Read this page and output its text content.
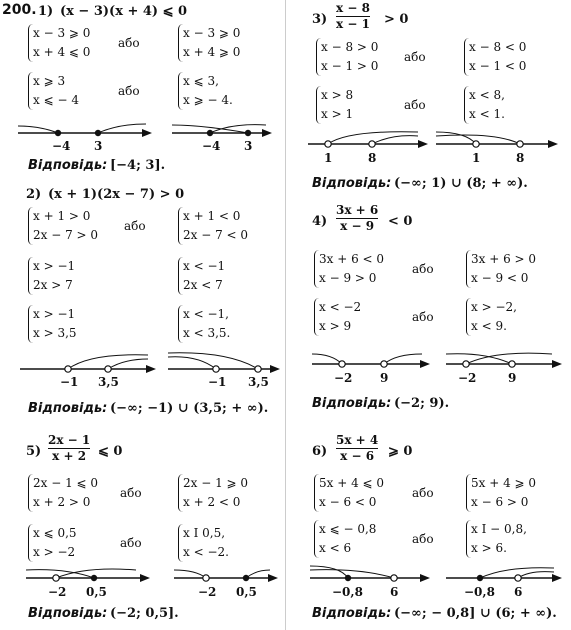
200. 1) (x − 3)(x + 4) ⩽ 0
x − 3 ⩾ 0
x + 4 ⩽ 0
або
x − 3 ⩾ 0
x + 4 ⩾ 0
x ⩾ 3
x ⩽ − 4
або
x ⩽ 3,
x ⩾ − 4.
−4 3	−4 3
Відповідь: [−4; 3].
2) (x + 1)(2x − 7) > 0
x + 1 > 0
2x − 7 > 0
або
x + 1 < 0
2x − 7 < 0
x > −1
2x > 7
x < −1
2x < 7
x > −1
x > 3,5
x < −1,
x < 3,5.
−1 3,5	−1 3,5
Відповідь: (−∞; −1) ∪ (3,5; + ∞).
5)
2x − 1
x + 2 ⩽ 0
2x − 1 ⩽ 0
x + 2 > 0
або
2x − 1 ⩾ 0
x + 2 < 0
x ⩽ 0,5
x > −2
або
x I 0,5,
x < −2.
−2 0,5	−2 0,5
Відповідь: (−2; 0,5].
3)
x − 8
x − 1 > 0
x − 8 > 0
x − 1 > 0
або
x − 8 < 0
x − 1 < 0
x > 8
x > 1
або
x < 8,
x < 1.
1	8	1	8
Відповідь: (−∞; 1) ∪ (8; + ∞).
4)
3x + 6
x − 9	< 0
3x + 6 < 0
x − 9 > 0
або
3x + 6 > 0
x − 9 < 0
x < −2
x > 9
або
x > −2,
x < 9.
−2 9	−2	9
Відповідь: (−2; 9).
6)
5x + 4
x − 6	⩾ 0
5x + 4 ⩽ 0
x − 6 < 0
або
5x + 4 ⩾ 0
x − 6 > 0
x ⩽ − 0,8
x < 6
або
x I − 0,8,
x > 6.
−0,8 6	−0,8 6
Відповідь: (−∞; − 0,8] ∪ (6; + ∞).
